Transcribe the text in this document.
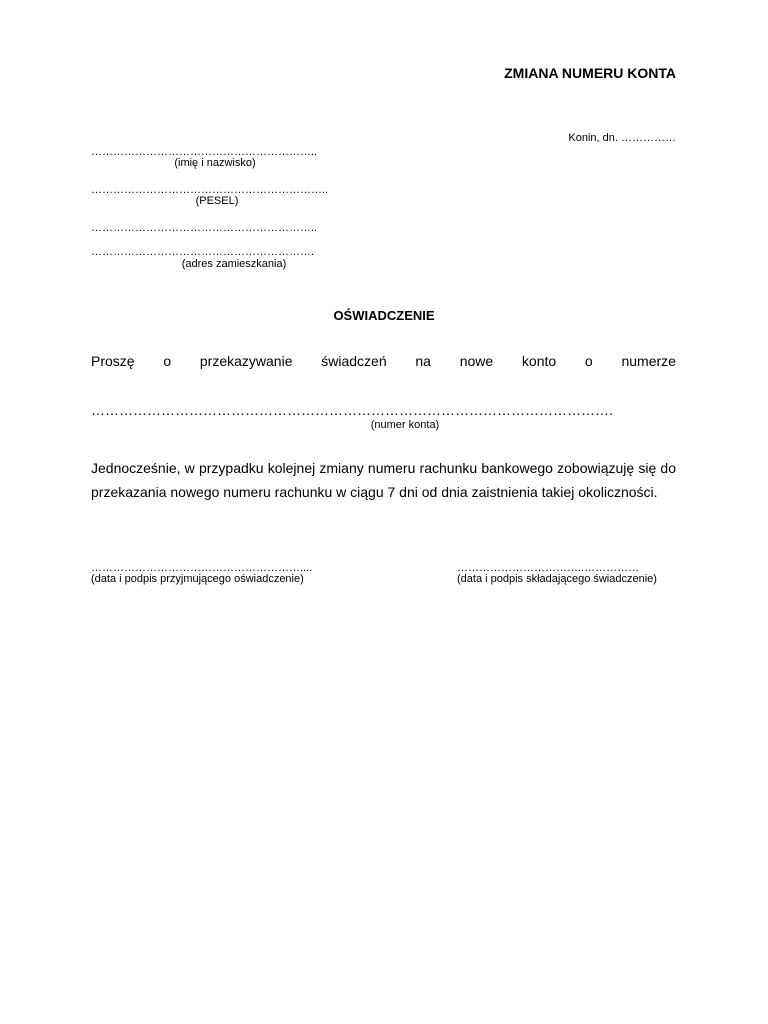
ZMIANA NUMERU KONTA
Konin, dn. ……………
……………………………………………………..
(imię i nazwisko)
………………………………………………………..
(PESEL)
……………………………………………………..
…………………………………………………….
(adres zamieszkania)
OŚWIADCZENIE
Proszę o przekazywanie świadczeń na nowe konto o numerze
………………………………………………………………………………………………….
(numer konta)
Jednocześnie, w przypadku kolejnej zmiany numeru rachunku bankowego zobowiązuję się do przekazania nowego numeru rachunku w ciągu 7 dni od dnia zaistnienia takiej okoliczności.
…………………………………………………....
(data i podpis przyjmującego oświadczenie)
……………………………..……………
(data i podpis składającego świadczenie)
